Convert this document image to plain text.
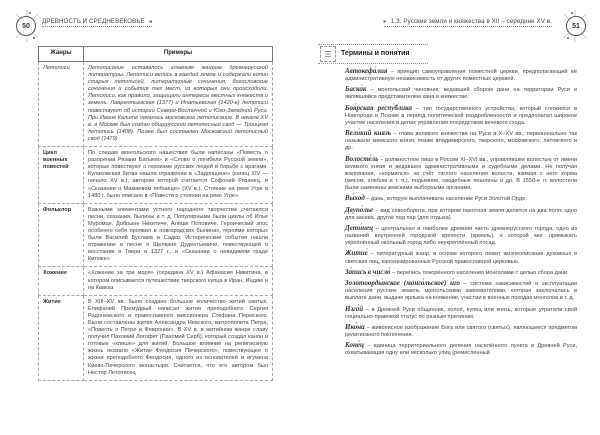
50
ДРЕВНОСТЬ И СРЕДНЕВЕКОВЬЕ ◂
Жанры	Примеры
Летописи	Летописание оставалось главным жанром древнерусской литературы. Летописи велись в каждой земле и содержали копии старых летописей, литературные сочинения, богословские сочинения и события тех мест, из которых они происходили. Летописи, как правило, защищали интересы местных княжеств и земель. Лаврентьевская (1377) и Ипатьевская (1420-е) летописи повествуют об истории Северо-Восточной и Юго-Западной Руси. При Иване Калите началось московское летописание. В начале XV в. в Москве был создан общерусский летописный свод — Троицкая летопись (1408). Позже был составлен Московский летописный свод (1479)
Цикл военных повестей	По следам монгольского нашествия были написаны «Повесть о разорении Рязани Батыем» и «Слово о погибели Русской земли», которые повествуют о героизме русских людей в борьбе с врагами. Куликовская битва нашла отражение в «Задонщине» (конец XIV — начало XV в.), автором которой считается Софоний Рязанец, и «Сказании о Мамаевом побоище» (XV в.). Стояние на реке Угре в 1480 г. было описано в «Повести о стоянии на реке Угре»
Фольклор	Важными элементами устного народного творчества считаются песни, сказания, былины и т. д. Популярными были циклы об Илье Муромце, Добрыне Никитиче, Алёше Поповиче. Героический эпос особенно себя проявил в новгородских былинах, героями которых были Василий Буслаев и Садко. Исторические события нашли отражение в песне о Щелкане Дудентьевиче, повествующей о восстании в Твери в 1327 г., и «Сказании о невидимом граде Китеже»
Хожение	«Хожение за три моря» (середина XV в.) Афанасия Никитина, в котором описывается путешествие тверского купца в Иран, Индию и на Кавказ
Житие	В XIII–XV вв. было создано большое количество житий святых. Епифаний Премудрый написал жития преподобного Сергия Радонежского и православного миссионера Стефана Пермского. Были составлены жития Александра Невского, митрополита Петра, «Повесть о Петре и Февронии». В XV в. в житийном жанре славу получил Пахомий Логофет (Пахомий Серб), который создал канон и готовые «клише» для житий. Большое влияние на религиозную жизнь оказало «Житие Феодосия Печерского», повествующее о жизни преподобного Феодосия, одного из основателей и игумена Киево-Печерского монастыря. Считается, что его автором был Нестор Летописец
▸ 1.3. Русские земли и княжества в XII – середине XV в.
51
☰	Термины и понятия

Автокефа́лия – принцип самоуправления поместной церкви, предполагающий её административную независимость от других поместных церквей.

Баска́к – монгольский чиновник, ведавший сбором дани на территории Руси и являвшийся представителем хана в княжестве.

Боя́рская респу́блика – тип государственного устройства, который сложился в Новгороде и Пскове в период политической раздробленности и предполагал широкое участие населения в делах управления посредством вечевого схода.

Вели́кий князь – глава великого княжества на Руси в X–XV вв., первоначально так называли киевского князя, позже владимирского, тверского, московского, литовского и др.

Волосте́ль – должностное лицо в России XI–XVI вв., управлявшее волостью от имени великого князя и ведавшее административными и судебными делами. Не получая жалования, «кормился» за счёт тяглого населения волости, взимая с него корма (мясом, хлебом и т. п.), подымное, свадебные пошлины и др. В 1550-е гг. волостели были заменены земскими выборными органами.

Вы́ход – дань, которую выплачивало население Руси Золотой Орде.

Двупо́лье – вид севооборота, при котором пахотная земля делится на два поля: одно для засева, другое под пар (для отдыха).

Дети́нец – центральная и наиболее древняя часть древнерусского города, одно из названий внутренней городской крепости (кремль), к которой мог примыкать укреплённый окольный город либо неукреплённый посад.

Житие́ – литературный жанр, в основе которого лежит жизнеописание духовных и светских лиц, канонизированных Русской православной церковью.

За́пись в число́ – перепись покорённого населения монголами с целью сбора дани.

Золотоорды́нское (монго́льское) и́го – система зависимостей и эксплуатации населения русских земель монгольскими завоевателями, которая заключалась в выплате дани, выдаче ярлыка на княжение, участии в военных походах монголов и т. д.

Изго́й – в Древней Руси общинник, холоп, купец или князь, которые утратили свой социально-правовой статус по разным причинам.

Ико́на – живописное изображение Бога или святого (святых), являющееся предметом религиозного поклонения.

Коне́ц – единица территориального деления населённого пункта в Древней Руси, охватывающая одну или несколько улиц (ремесленный
